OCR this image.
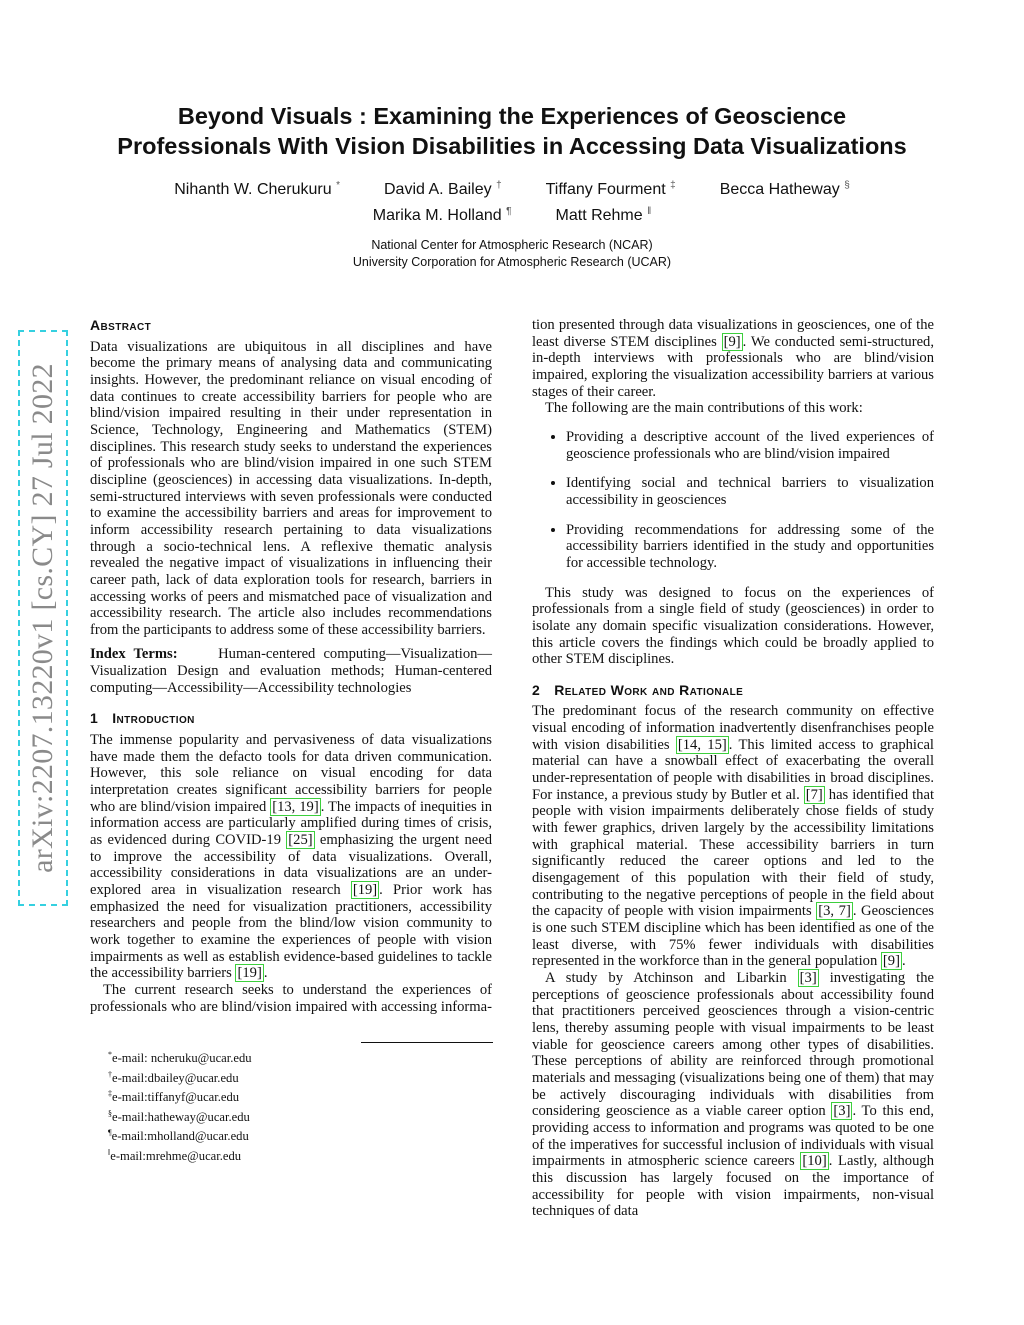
Beyond Visuals : Examining the Experiences of Geoscience
Professionals With Vision Disabilities in Accessing Data Visualizations
Nihanth W. Cherukuru *	David A. Bailey †	Tiffany Fourment ‡	Becca Hatheway §
Marika M. Holland ¶	Matt Rehme ‖
National Center for Atmospheric Research (NCAR)
University Corporation for Atmospheric Research (UCAR)
arXiv:2207.13220v1 [cs.CY] 27 Jul 2022
Abstract

Data visualizations are ubiquitous in all disciplines and have become the primary means of analysing data and communicating insights. However, the predominant reliance on visual encoding of data continues to create accessibility barriers for people who are blind/vision impaired resulting in their under representation in Science, Technology, Engineering and Mathematics (STEM) disciplines. This research study seeks to understand the experiences of professionals who are blind/vision impaired in one such STEM discipline (geosciences) in accessing data visualizations. In-depth, semi-structured interviews with seven professionals were conducted to examine the accessibility barriers and areas for improvement to inform accessibility research pertaining to data visualizations through a socio-technical lens. A reflexive thematic analysis revealed the negative impact of visualizations in influencing their career path, lack of data exploration tools for research, barriers in accessing works of peers and mismatched pace of visualization and accessibility research. The article also includes recommendations from the participants to address some of these accessibility barriers.

Index Terms:	Human-centered computing—Visualization—Visualization Design and evaluation methods; Human-centered computing—Accessibility—Accessibility technologies

1 Introduction

The immense popularity and pervasiveness of data visualizations have made them the defacto tools for data driven communication. However, this sole reliance on visual encoding for data interpretation creates significant accessibility barriers for people who are blind/vision impaired [13, 19] . The impacts of inequities in information access are particularly amplified during times of crisis, as evidenced during COVID-19 [25] emphasizing the urgent need to improve the accessibility of data visualizations. Overall, accessibility considerations in data visualizations are an under-explored area in visualization research [19] . Prior work has emphasized the need for visualization practitioners, accessibility researchers and people from the blind/low vision community to work together to examine the experiences of people with vision impairments as well as establish evidence-based guidelines to tackle the accessibility barriers [19] .

The current research seeks to understand the experiences of professionals who are blind/vision impaired with accessing informa-

tion presented through data visualizations in geosciences, one of the least diverse STEM disciplines [9] . We conducted semi-structured, in-depth interviews with professionals who are blind/vision impaired, exploring the visualization accessibility barriers at various stages of their career.

The following are the main contributions of this work:

• Providing a descriptive account of the lived experiences of geoscience professionals who are blind/vision impaired
• Identifying social and technical barriers to visualization accessibility in geosciences
• Providing recommendations for addressing some of the accessibility barriers identified in the study and opportunities for accessible technology.

This study was designed to focus on the experiences of professionals from a single field of study (geosciences) in order to isolate any domain specific visualization considerations. However, this article covers the findings which could be broadly applied to other STEM disciplines.

2 Related Work and Rationale

The predominant focus of the research community on effective visual encoding of information inadvertently disenfranchises people with vision disabilities [14, 15] . This limited access to graphical material can have a snowball effect of exacerbating the overall under-representation of people with disabilities in broad disciplines. For instance, a previous study by Butler et al. [7] has identified that people with vision impairments deliberately chose fields of study with fewer graphics, driven largely by the accessibility limitations with graphical material. These accessibility barriers in turn significantly reduced the career options and led to the disengagement of this population with their field of study, contributing to the negative perceptions of people in the field about the capacity of people with vision impairments [3, 7] . Geosciences is one such STEM discipline which has been identified as one of the least diverse, with 75% fewer individuals with disabilities represented in the workforce than in the general population [9] .

A study by Atchinson and Libarkin [3] investigating the perceptions of geoscience professionals about accessibility found that practitioners perceived geosciences through a vision-centric lens, thereby assuming people with visual impairments to be least viable for geoscience careers among other types of disabilities. These perceptions of ability are reinforced through promotional materials and messaging (visualizations being one of them) that may be actively discouraging individuals with disabilities from considering geoscience as a viable career option [3] . To this end, providing access to information and programs was quoted to be one of the imperatives for successful inclusion of individuals with visual impairments in atmospheric science careers [10] . Lastly, although this discussion has largely focused on the importance of accessibility for people with vision impairments, non-visual techniques of data

*e-mail: ncheruku@ucar.edu
†e-mail:dbailey@ucar.edu
‡e-mail:tiffanyf@ucar.edu
§e-mail:hatheway@ucar.edu
¶e-mail:mholland@ucar.edu
‖e-mail:mrehme@ucar.edu
